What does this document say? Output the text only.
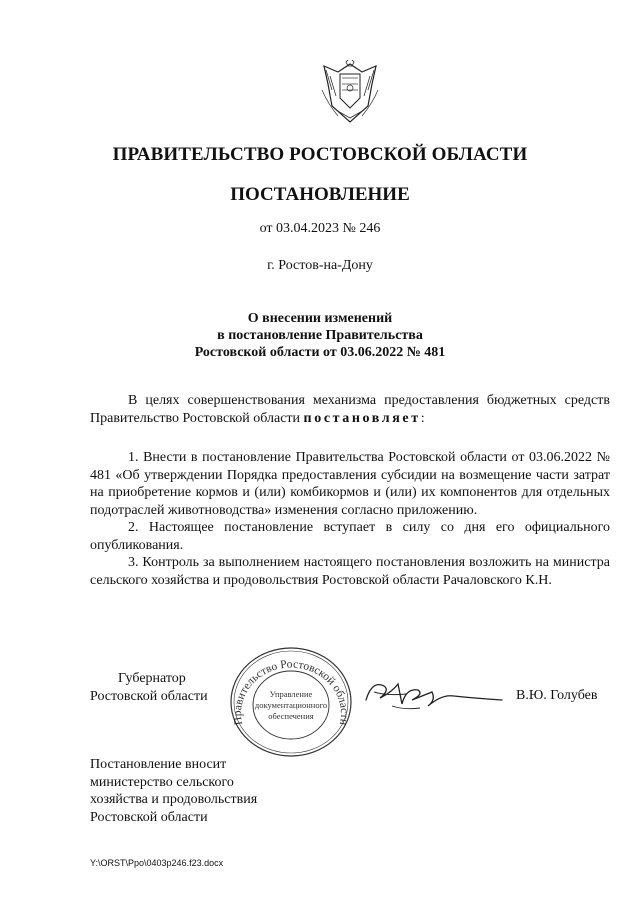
ПРАВИТЕЛЬСТВО РОСТОВСКОЙ ОБЛАСТИ
ПОСТАНОВЛЕНИЕ
от 03.04.2023 № 246
г. Ростов-на-Дону
О внесении изменений
в постановление Правительства
Ростовской области от 03.06.2022 № 481

В целях совершенствования механизма предоставления бюджетных средств Правительство Ростовской области постановляет:

1. Внести в постановление Правительства Ростовской области от 03.06.2022 № 481 «Об утверждении Порядка предоставления субсидии на возмещение части затрат на приобретение кормов и (или) комбикормов и (или) их компонентов для отдельных подотраслей животноводства» изменения согласно приложению.

2. Настоящее постановление вступает в силу со дня его официального опубликования.

3. Контроль за выполнением настоящего постановления возложить на министра сельского хозяйства и продовольствия Ростовской области Рачаловского К.Н.

Губернатор
Ростовской области
Правительство Ростовской области
Управление
документационного
обеспечения
В.Ю. Голубев
Постановление вносит
министерство сельского
хозяйства и продовольствия
Ростовской области
Y:\ORST\Ppo\0403p246.f23.docx
